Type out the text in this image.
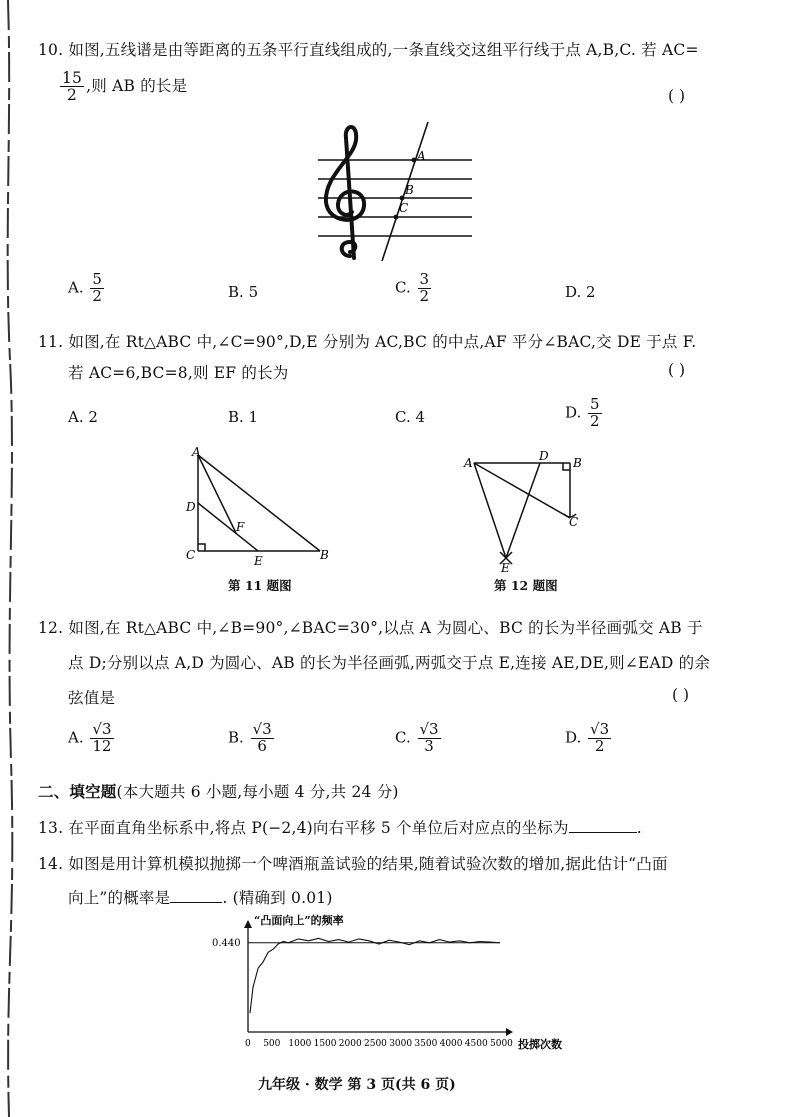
10. 如图,五线谱是由等距离的五条平行直线组成的,一条直线交这组平行线于点 A,B,C. 若 AC=
$\frac{15}{2}$ ,则 AB 的长是
( )
A
B
C
A. $\frac{5}{2}$	B. 5	C. $\frac{3}{2}$	D. 2
11. 如图,在 Rt△ABC 中,∠C=90°,D,E 分别为 AC,BC 的中点,AF 平分∠BAC,交 DE 于点 F.
若 AC=6,BC=8,则 EF 的长为	( )
A. 2	B. 1	C. 4	D. $\frac{5}{2}$
A
D
F
C	E	B
第 11 题图
A	D B
C
E
第 12 题图
12. 如图,在 Rt△ABC 中,∠B=90°,∠BAC=30°,以点 A 为圆心、BC 的长为半径画弧交 AB 于
点 D;分别以点 A,D 为圆心、AB 的长为半径画弧,两弧交于点 E,连接 AE,DE,则∠EAD 的余
弦值是	( )
A. $\frac{√3}{12}$	B. $\frac{√3}{6}$	C. $\frac{√3}{3}$	D. $\frac{√3}{2}$
二、填空题(本大题共 6 小题,每小题 4 分,共 24 分)
13. 在平面直角坐标系中,将点 P(−2,4)向右平移 5 个单位后对应点的坐标为	.
14. 如图是用计算机模拟抛掷一个啤酒瓶盖试验的结果,随着试验次数的增加,据此估计“凸面
向上”的概率是	. (精确到 0.01)
“凸面向上”的频率
0.440
投掷次数
0 500 1000 1500 2000 2500 3000 3500 4000 4500 5000
九年级 · 数学 第 3 页(共 6 页)
